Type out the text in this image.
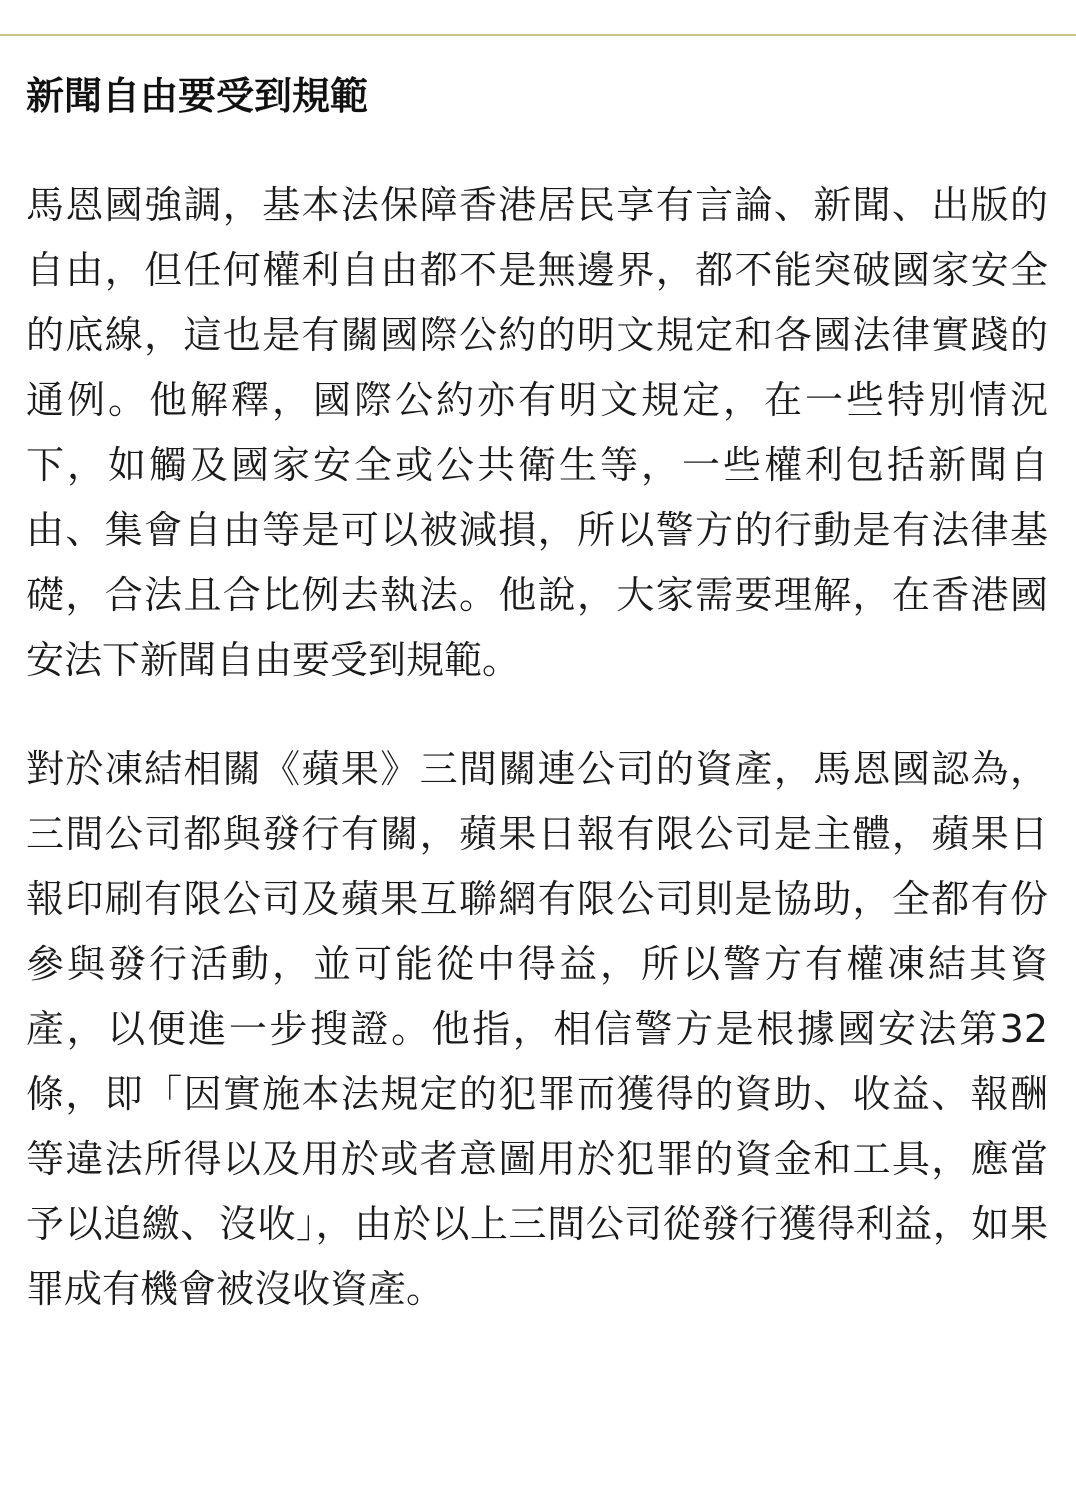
新聞自由要受到規範

馬恩國強調，基本法保障香港居民享有言論、新聞、出版的自由，但任何權利自由都不是無邊界，都不能突破國家安全的底線，這也是有關國際公約的明文規定和各國法律實踐的通例。他解釋，國際公約亦有明文規定，在一些特別情況下，如觸及國家安全或公共衛生等，一些權利包括新聞自由、集會自由等是可以被減損，所以警方的行動是有法律基礎，合法且合比例去執法。他說，大家需要理解，在香港國安法下新聞自由要受到規範。

對於凍結相關《蘋果》三間關連公司的資產，馬恩國認為，三間公司都與發行有關，蘋果日報有限公司是主體，蘋果日報印刷有限公司及蘋果互聯網有限公司則是協助，全都有份參與發行活動，並可能從中得益，所以警方有權凍結其資產，以便進一步搜證。他指，相信警方是根據國安法第32條，即「因實施本法規定的犯罪而獲得的資助、收益、報酬等違法所得以及用於或者意圖用於犯罪的資金和工具，應當予以追繳、沒收」，由於以上三間公司從發行獲得利益，如果罪成有機會被沒收資產。
